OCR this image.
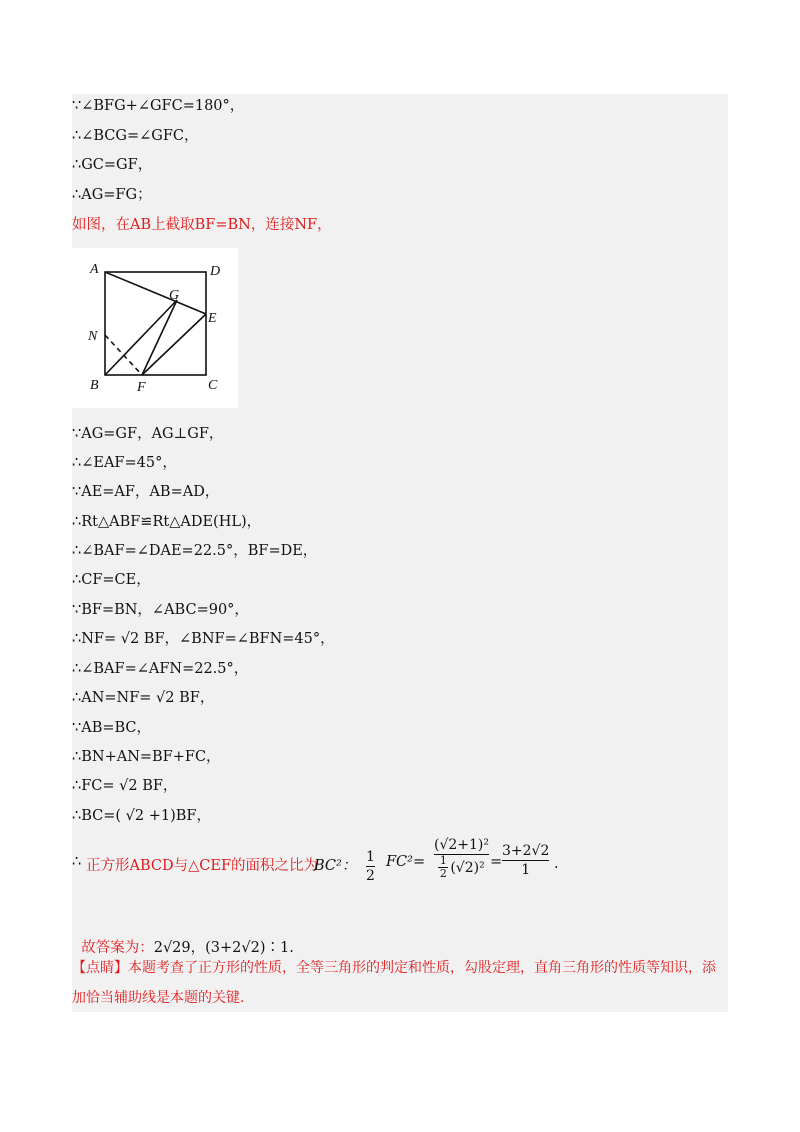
∵∠BFG+∠GFC=180°，
∴∠BCG=∠GFC，
∴GC=GF，
∴AG=FG；
如图，在AB上截取BF=BN，连接NF，
A	D
G
E
N
B	F	C
∵AG=GF，AG⊥GF，
∴∠EAF=45°，
∵AE=AF，AB=AD，
∴Rt△ABF≌Rt△ADE(HL)，
∴∠BAF=∠DAE=22.5°，BF=DE，
∴CF=CE，
∵BF=BN，∠ABC=90°，
∴NF= √2 BF，∠BNF=∠BFN=45°，
∴∠BAF=∠AFN=22.5°，
∴AN=NF= √2 BF，
∵AB=BC，
∴BN+AN=BF+FC，
∴FC= √2 BF，
∴BC=( √2 +1)BF，
∴ 正方形ABCD与△CEF的面积之比为
BC²：
1
2
FC²=
(√2+1)²
1
2 (√2)² =
3+2√2
1 .

故答案为：2√29，(3+2√2)∶1.

【点睛】本题考查了正方形的性质，全等三角形的判定和性质，勾股定理，直角三角形的性质等知识，添
加恰当辅助线是本题的关键.
